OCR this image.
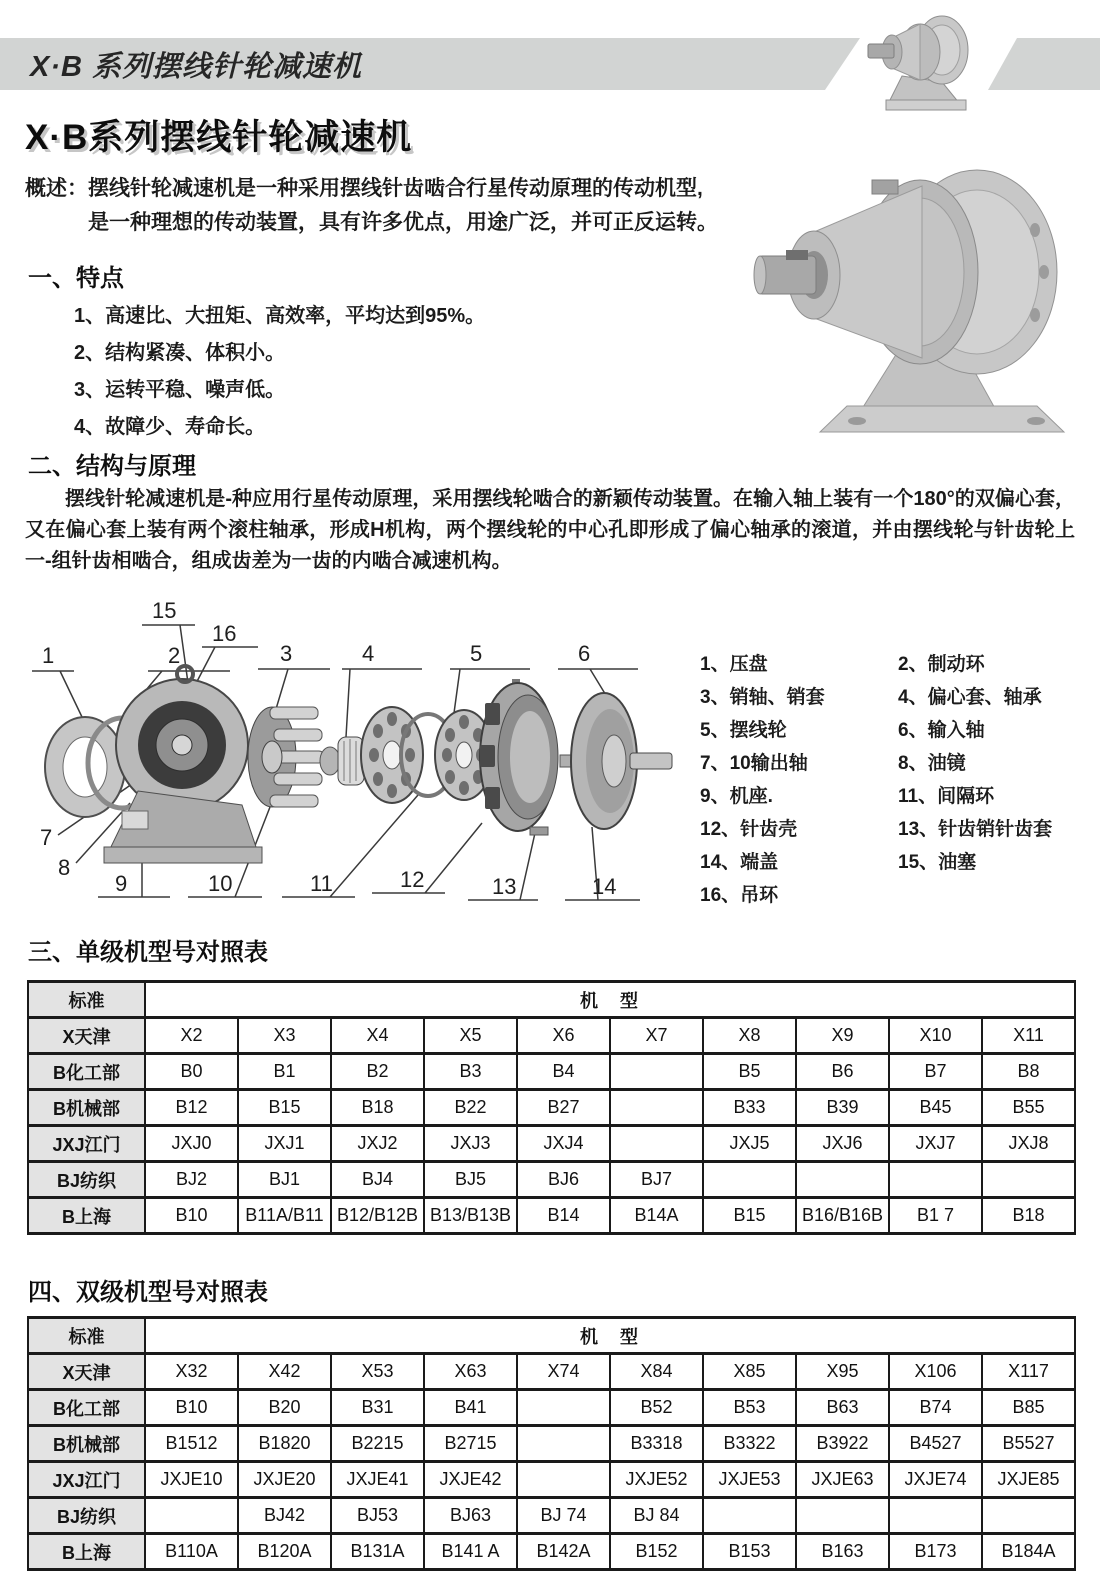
X·B 系列摆线针轮减速机
X·B系列摆线针轮减速机
概述：摆线针轮减速机是一种采用摆线针齿啮合行星传动原理的传动机型,
是一种理想的传动装置，具有许多优点，用途广泛，并可正反运转。
一、特点
1、高速比、大扭矩、高效率，平均达到95%。
2、结构紧凑、体积小。
3、运转平稳、噪声低。
4、故障少、寿命长。
二、结构与原理
摆线针轮减速机是-种应用行星传动原理，采用摆线轮啮合的新颖传动装置。在输入轴上装有一个180°的双偏心套，又在偏心套上装有两个滚柱轴承，形成H机构，两个摆线轮的中心孔即形成了偏心轴承的滚道，并由摆线轮与针齿轮上一-组针齿相啮合，组成齿差为一齿的内啮合减速机构。
15
16
1	2	3	4	5	6
7
8
9	10	11	12	13	14
1、压盘
3、销轴、销套
5、摆线轮
7、10输出轴
9、机座.
12、针齿壳
14、端盖
16、吊环
2、制动环
4、偏心套、轴承
6、输入轴
8、油镜
11、间隔环
13、针齿销针齿套
15、油塞
三、单级机型号对照表
标准	机　型									
X天津	X2	X3	X4	X5	X6	X7	X8	X9	X10	X11
B化工部	B0	B1	B2	B3	B4		B5	B6	B7	B8
B机械部	B12	B15	B18	B22	B27		B33	B39	B45	B55
JXJ江门	JXJ0	JXJ1	JXJ2	JXJ3	JXJ4		JXJ5	JXJ6	JXJ7	JXJ8
BJ纺织	BJ2	BJ1	BJ4	BJ5	BJ6	BJ7				
B上海	B10	B11A/B11	B12/B12B	B13/B13B	B14	B14A	B15	B16/B16B	B1 7	B18
四、双级机型号对照表
标准	机　型									
X天津	X32	X42	X53	X63	X74	X84	X85	X95	X106	X117
B化工部	B10	B20	B31	B41		B52	B53	B63	B74	B85
B机械部	B1512	B1820	B2215	B2715		B3318	B3322	B3922	B4527	B5527
JXJ江门	JXJE10	JXJE20	JXJE41	JXJE42		JXJE52	JXJE53	JXJE63	JXJE74	JXJE85
BJ纺织		BJ42	BJ53	BJ63	BJ 74	BJ 84				
B上海	B110A	B120A	B131A	B141 A	B142A	B152	B153	B163	B173	B184A
